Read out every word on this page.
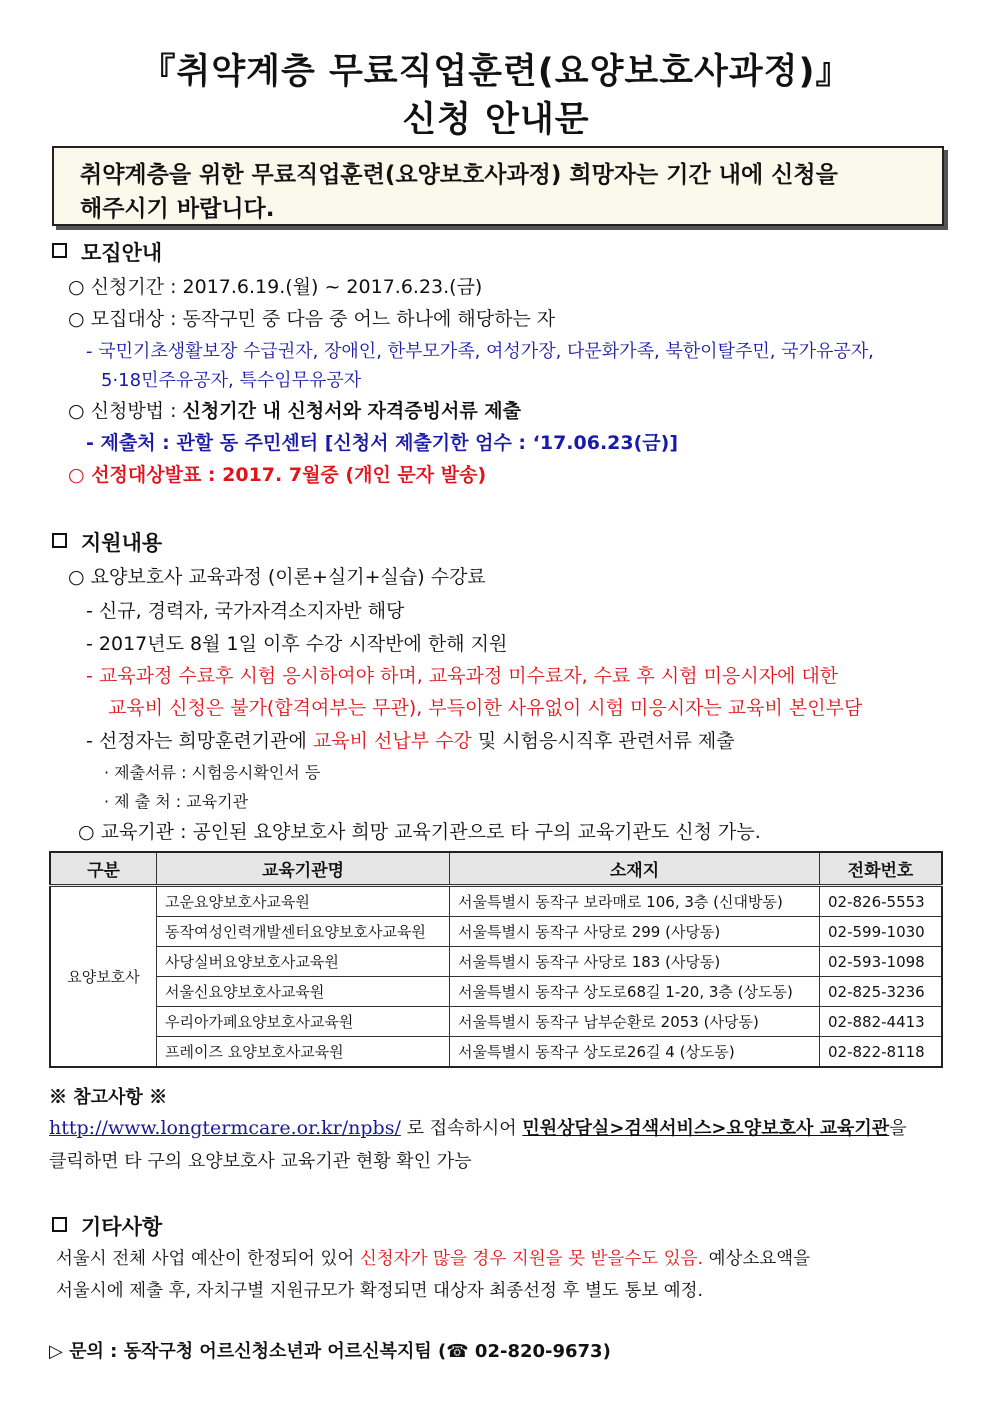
『취약계층 무료직업훈련(요양보호사과정)』
신청 안내문
취약계층을 위한 무료직업훈련(요양보호사과정) 희망자는 기간 내에 신청을
해주시기 바랍니다.
모집안내
○ 신청기간 : 2017.6.19.(월) ~ 2017.6.23.(금)
○ 모집대상 : 동작구민 중 다음 중 어느 하나에 해당하는 자
- 국민기초생활보장 수급권자, 장애인, 한부모가족, 여성가장, 다문화가족, 북한이탈주민, 국가유공자,
5·18민주유공자, 특수임무유공자
○ 신청방법 : 신청기간 내 신청서와 자격증빙서류 제출
- 제출처 : 관할 동 주민센터 [신청서 제출기한 엄수 : ‘17.06.23(금)]
○ 선정대상발표 : 2017. 7월중 (개인 문자 발송)
지원내용
○ 요양보호사 교육과정 (이론+실기+실습) 수강료
- 신규, 경력자, 국가자격소지자반 해당
- 2017년도 8월 1일 이후 수강 시작반에 한해 지원
- 교육과정 수료후 시험 응시하여야 하며, 교육과정 미수료자, 수료 후 시험 미응시자에 대한
교육비 신청은 불가(합격여부는 무관), 부득이한 사유없이 시험 미응시자는 교육비 본인부담
- 선정자는 희망훈련기관에 교육비 선납부 수강 및 시험응시직후 관련서류 제출
· 제출서류 : 시험응시확인서 등
· 제 출 처 : 교육기관
○ 교육기관 : 공인된 요양보호사 희망 교육기관으로 타 구의 교육기관도 신청 가능.
구분	교육기관명	소재지	전화번호
요양보호사	고운요양보호사교육원	서울특별시 동작구 보라매로 106, 3층 (신대방동)	02-826-5553
	동작여성인력개발센터요양보호사교육원	서울특별시 동작구 사당로 299 (사당동)	02-599-1030
	사당실버요양보호사교육원	서울특별시 동작구 사당로 183 (사당동)	02-593-1098
	서울신요양보호사교육원	서울특별시 동작구 상도로68길 1-20, 3층 (상도동)	02-825-3236
	우리아가페요양보호사교육원	서울특별시 동작구 남부순환로 2053 (사당동)	02-882-4413
	프레이즈 요양보호사교육원	서울특별시 동작구 상도로26길 4 (상도동)	02-822-8118
※ 참고사항 ※
http://www.longtermcare.or.kr/npbs/ 로 접속하시어 민원상담실>검색서비스>요양보호사 교육기관을
클릭하면 타 구의 요양보호사 교육기관 현황 확인 가능
기타사항
서울시 전체 사업 예산이 한정되어 있어 신청자가 많을 경우 지원을 못 받을수도 있음. 예상소요액을
서울시에 제출 후, 자치구별 지원규모가 확정되면 대상자 최종선정 후 별도 통보 예정.
▷ 문의 : 동작구청 어르신청소년과 어르신복지팀 (☎ 02-820-9673)
